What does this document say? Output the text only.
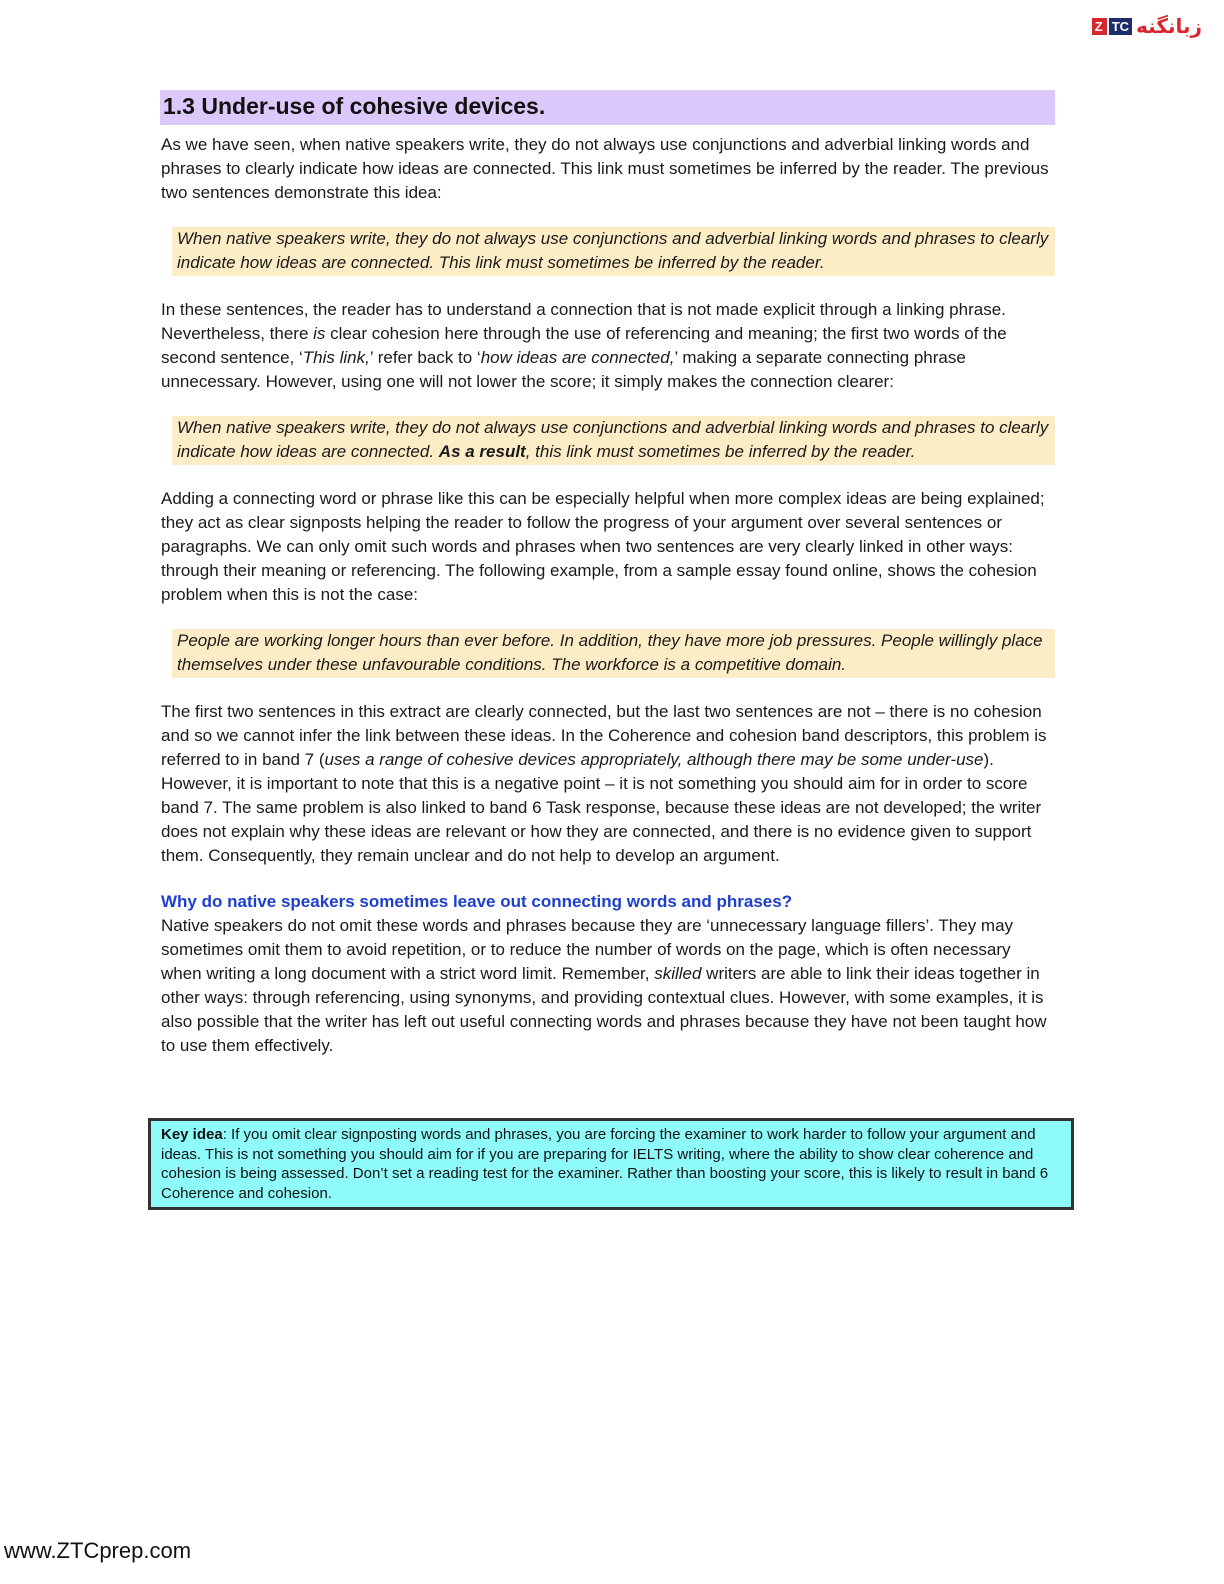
Z TC زبانگنه
1.3 Under-use of cohesive devices.

As we have seen, when native speakers write, they do not always use conjunctions and adverbial linking words and phrases to clearly indicate how ideas are connected. This link must sometimes be inferred by the reader. The previous two sentences demonstrate this idea:

When native speakers write, they do not always use conjunctions and adverbial linking words and phrases to clearly indicate how ideas are connected. This link must sometimes be inferred by the reader.

In these sentences, the reader has to understand a connection that is not made explicit through a linking phrase. Nevertheless, there is clear cohesion here through the use of referencing and meaning; the first two words of the second sentence, ‘This link,’ refer back to ‘how ideas are connected,’ making a separate connecting phrase unnecessary. However, using one will not lower the score; it simply makes the connection clearer:

When native speakers write, they do not always use conjunctions and adverbial linking words and phrases to clearly indicate how ideas are connected. As a result, this link must sometimes be inferred by the reader.

Adding a connecting word or phrase like this can be especially helpful when more complex ideas are being explained; they act as clear signposts helping the reader to follow the progress of your argument over several sentences or paragraphs. We can only omit such words and phrases when two sentences are very clearly linked in other ways: through their meaning or referencing. The following example, from a sample essay found online, shows the cohesion problem when this is not the case:

People are working longer hours than ever before. In addition, they have more job pressures. People willingly place themselves under these unfavourable conditions. The workforce is a competitive domain.

The first two sentences in this extract are clearly connected, but the last two sentences are not – there is no cohesion and so we cannot infer the link between these ideas. In the Coherence and cohesion band descriptors, this problem is referred to in band 7 (uses a range of cohesive devices appropriately, although there may be some under-use). However, it is important to note that this is a negative point – it is not something you should aim for in order to score band 7. The same problem is also linked to band 6 Task response, because these ideas are not developed; the writer does not explain why these ideas are relevant or how they are connected, and there is no evidence given to support them. Consequently, they remain unclear and do not help to develop an argument.

Why do native speakers sometimes leave out connecting words and phrases?

Native speakers do not omit these words and phrases because they are ‘unnecessary language fillers’. They may sometimes omit them to avoid repetition, or to reduce the number of words on the page, which is often necessary when writing a long document with a strict word limit. Remember, skilled writers are able to link their ideas together in other ways: through referencing, using synonyms, and providing contextual clues. However, with some examples, it is also possible that the writer has left out useful connecting words and phrases because they have not been taught how to use them effectively.

Key idea: If you omit clear signposting words and phrases, you are forcing the examiner to work harder to follow your argument and ideas. This is not something you should aim for if you are preparing for IELTS writing, where the ability to show clear coherence and cohesion is being assessed. Don’t set a reading test for the examiner. Rather than boosting your score, this is likely to result in band 6 Coherence and cohesion.
www.ZTCprep.com
